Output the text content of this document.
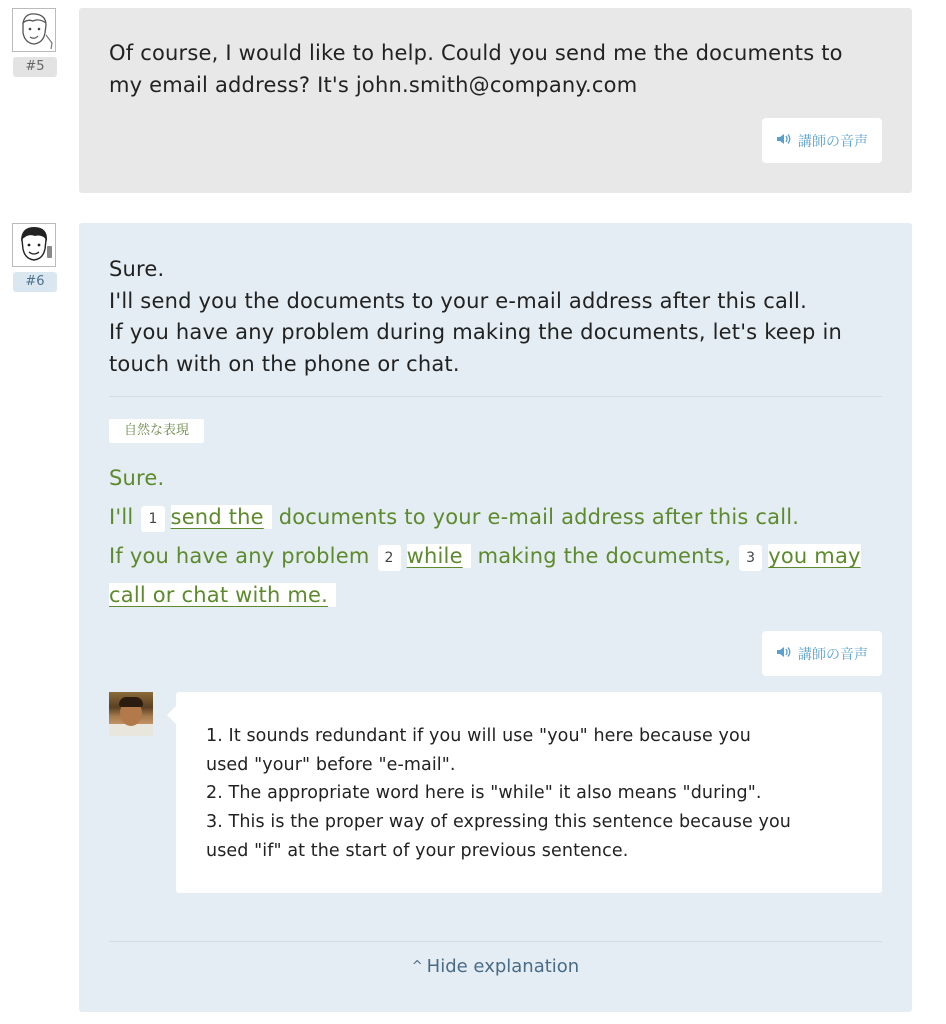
#5
Of course, I would like to help. Could you send me the documents to my email address? It's john.smith@company.com
講師の音声
#6
Sure.
I'll send you the documents to your e-mail address after this call.
If you have any problem during making the documents, let's keep in touch with on the phone or chat.
自然な表現
Sure.
I'll 1 send the documents to your e-mail address after this call.
If you have any problem 2 while making the documents, 3 you may call or chat with me.
講師の音声
1. It sounds redundant if you will use "you" here because you
used "your" before "e-mail".
2. The appropriate word here is "while" it also means "during".
3. This is the proper way of expressing this sentence because you
used "if" at the start of your previous sentence.
^ Hide explanation
